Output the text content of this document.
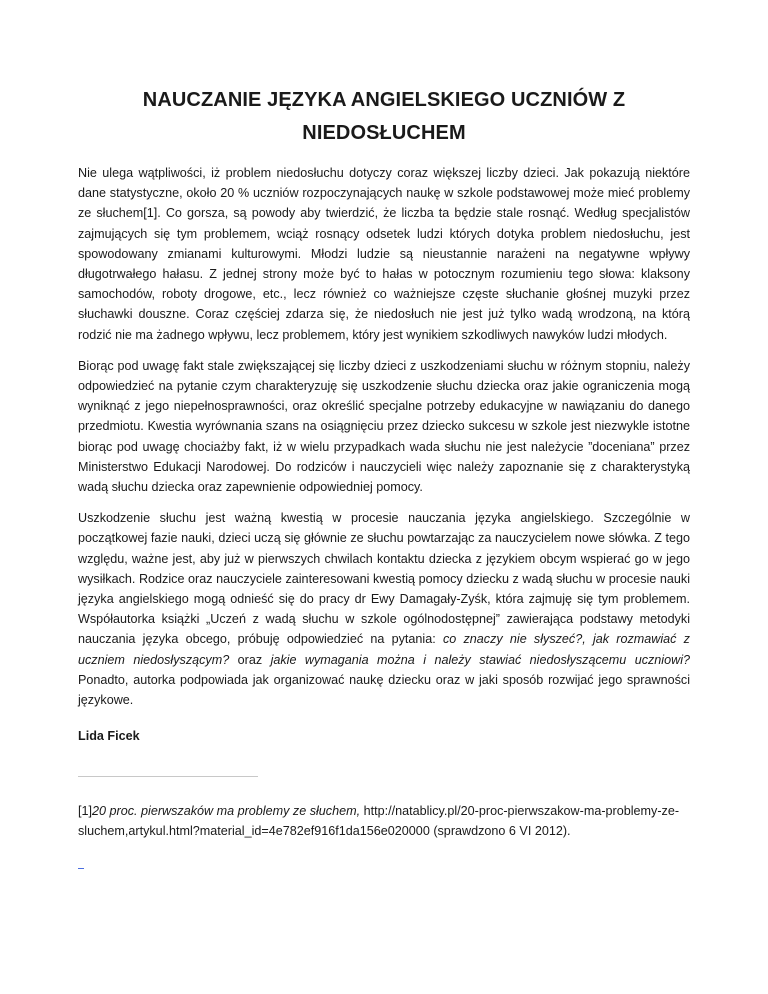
NAUCZANIE JĘZYKA ANGIELSKIEGO UCZNIÓW Z NIEDOSŁUCHEM

Nie ulega wątpliwości, iż problem niedosłuchu dotyczy coraz większej liczby dzieci. Jak pokazują niektóre dane statystyczne, około 20 % uczniów rozpoczynających naukę w szkole podstawowej może mieć problemy ze słuchem[1]. Co gorsza, są powody aby twierdzić, że liczba ta będzie stale rosnąć. Według specjalistów zajmujących się tym problemem, wciąż rosnący odsetek ludzi których dotyka problem niedosłuchu, jest spowodowany zmianami kulturowymi. Młodzi ludzie są nieustannie narażeni na negatywne wpływy długotrwałego hałasu. Z jednej strony może być to hałas w potocznym rozumieniu tego słowa: klaksony samochodów, roboty drogowe, etc., lecz również co ważniejsze częste słuchanie głośnej muzyki przez słuchawki douszne. Coraz częściej zdarza się, że niedosłuch nie jest już tylko wadą wrodzoną, na którą rodzić nie ma żadnego wpływu, lecz problemem, który jest wynikiem szkodliwych nawyków ludzi młodych.

Biorąc pod uwagę fakt stale zwiększającej się liczby dzieci z uszkodzeniami słuchu w różnym stopniu, należy odpowiedzieć na pytanie czym charakteryzuję się uszkodzenie słuchu dziecka oraz jakie ograniczenia mogą wyniknąć z jego niepełnosprawności, oraz określić specjalne potrzeby edukacyjne w nawiązaniu do danego przedmiotu. Kwestia wyrównania szans na osiągnięciu przez dziecko sukcesu w szkole jest niezwykle istotne biorąc pod uwagę chociażby fakt, iż w wielu przypadkach wada słuchu nie jest należycie ”doceniana” przez Ministerstwo Edukacji Narodowej. Do rodziców i nauczycieli więc należy zapoznanie się z charakterystyką wadą słuchu dziecka oraz zapewnienie odpowiedniej pomocy.

Uszkodzenie słuchu jest ważną kwestią w procesie nauczania języka angielskiego. Szczególnie w początkowej fazie nauki, dzieci uczą się głównie ze słuchu powtarzając za nauczycielem nowe słówka. Z tego względu, ważne jest, aby już w pierwszych chwilach kontaktu dziecka z językiem obcym wspierać go w jego wysiłkach. Rodzice oraz nauczyciele zainteresowani kwestią pomocy dziecku z wadą słuchu w procesie nauki języka angielskiego mogą odnieść się do pracy dr Ewy Damagały-Zyśk, która zajmuję się tym problemem. Współautorka książki „Uczeń z wadą słuchu w szkole ogólnodostępnej” zawierająca podstawy metodyki nauczania języka obcego, próbuję odpowiedzieć na pytania: co znaczy nie słyszeć?, jak rozmawiać z uczniem niedosłyszącym? oraz jakie wymagania można i należy stawiać niedosłyszącemu uczniowi? Ponadto, autorka podpowiada jak organizować naukę dziecku oraz w jaki sposób rozwijać jego sprawności językowe.

Lida Ficek

[1]20 proc. pierwszaków ma problemy ze słuchem, http://natablicy.pl/20-proc-pierwszakow-ma-problemy-ze-sluchem,artykul.html?material_id=4e782ef916f1da156e020000 (sprawdzono 6 VI 2012).

.
